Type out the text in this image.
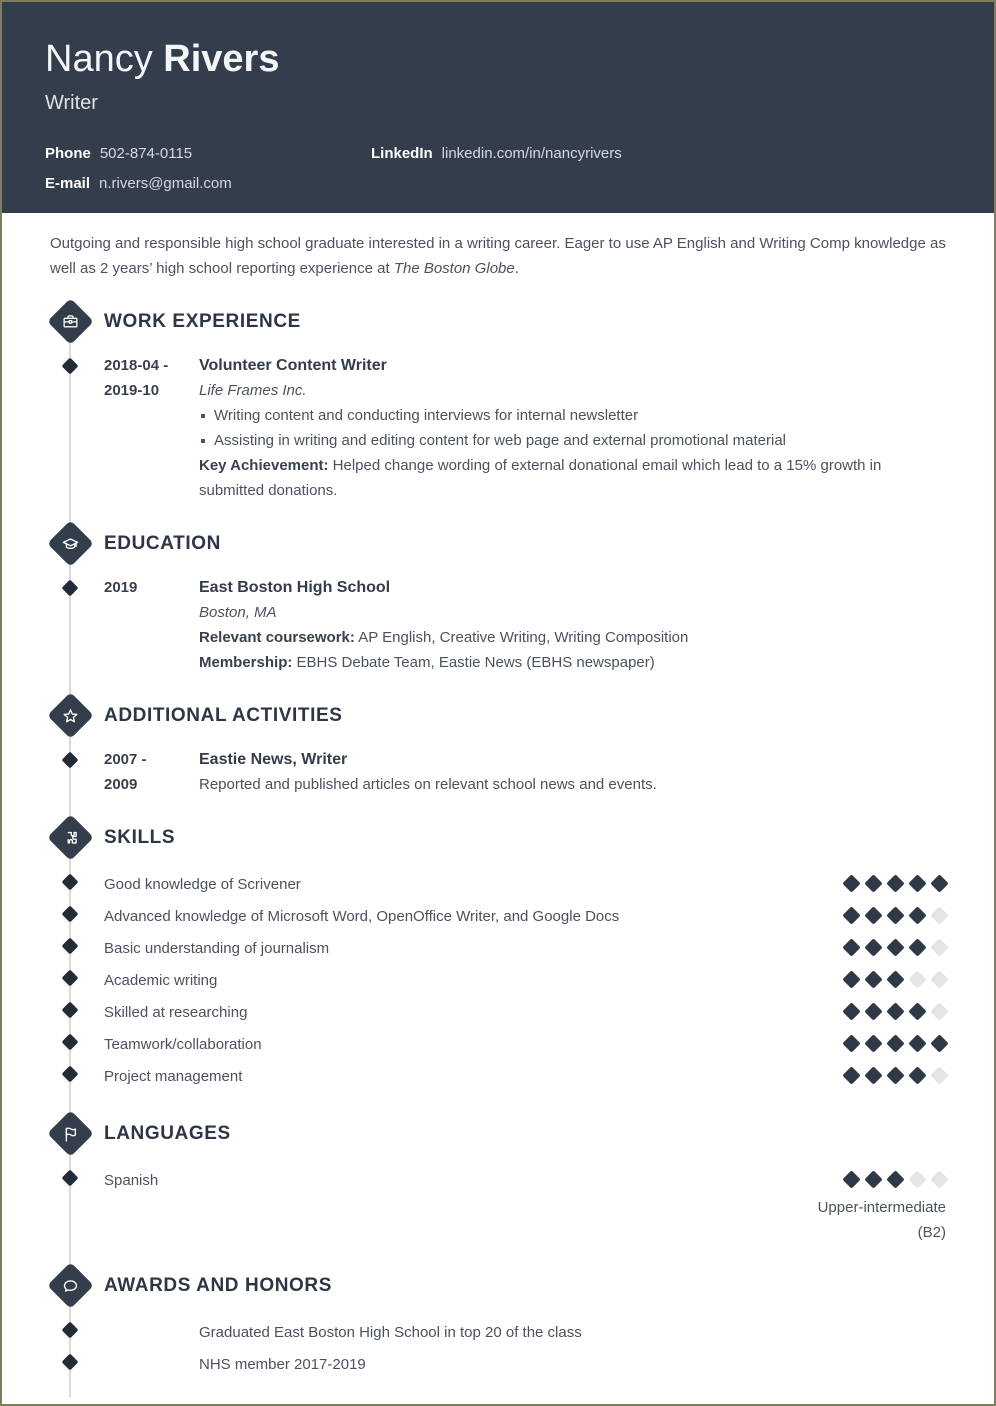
Nancy Rivers
Writer
Phone 502-874-0115	LinkedIn linkedin.com/in/nancyrivers
E-mail n.rivers@gmail.com
Outgoing and responsible high school graduate interested in a writing career. Eager to use AP English and Writing Comp knowledge as well as 2 years’ high school reporting experience at The Boston Globe.
WORK EXPERIENCE
2018-04 -
2019-10
Volunteer Content Writer
Life Frames Inc.
Writing content and conducting interviews for internal newsletter
Assisting in writing and editing content for web page and external promotional material
Key Achievement: Helped change wording of external donational email which lead to a 15% growth in submitted donations.
EDUCATION
2019	East Boston High School
Boston, MA
Relevant coursework: AP English, Creative Writing, Writing Composition
Membership: EBHS Debate Team, Eastie News (EBHS newspaper)
ADDITIONAL ACTIVITIES
2007 -
2009
Eastie News, Writer
Reported and published articles on relevant school news and events.
SKILLS
Good knowledge of Scrivener
Advanced knowledge of Microsoft Word, OpenOffice Writer, and Google Docs
Basic understanding of journalism
Academic writing
Skilled at researching
Teamwork/collaboration
Project management
LANGUAGES
Spanish
Upper-intermediate (B2)
AWARDS AND HONORS
Graduated East Boston High School in top 20 of the class
NHS member 2017-2019
